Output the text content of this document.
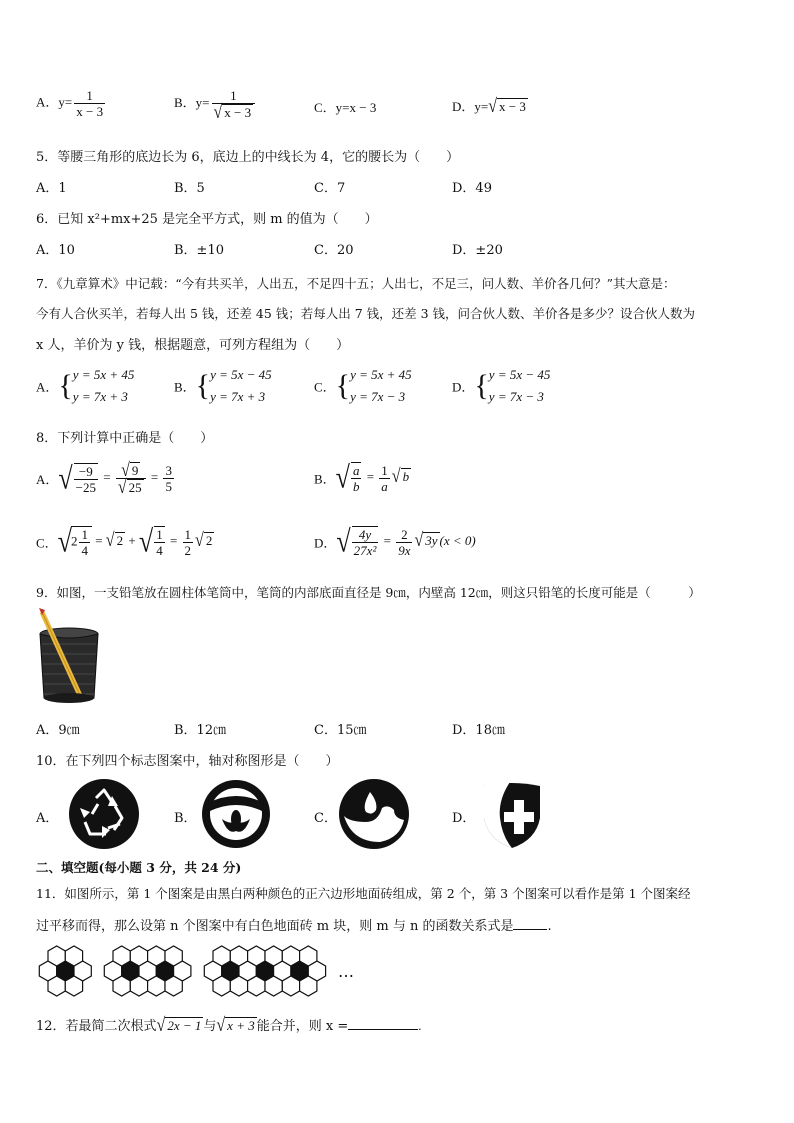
A．$y= \frac{1}{x - 3}$	B．$y= \frac{1}{√ x - 3}$	C．y=x − 3	D．y=√ x − 3
5．等腰三角形的底边长为 6，底边上的中线长为 4，它的腰长为（　　）
A．1	B．5	C．7	D．49
6．已知 x²+mx+25 是完全平方式，则 m 的值为（　　）
A．10	B．±10	C．20	D．±20
7．《九章算术》中记载：“今有共买羊，人出五，不足四十五；人出七，不足三，问人数、羊价各几何？”其大意是：
今有人合伙买羊，若每人出 5 钱，还差 45 钱；若每人出 7 钱，还差 3 钱，问合伙人数、羊价各是多少？设合伙人数为
x 人，羊价为 y 钱，根据题意，可列方程组为（　　）
A．{ y = 5x + 45
y = 7x + 3
B．{ y = 5x − 45
y = 7x + 3
C．{ y = 5x + 45
y = 7x − 3
D．{ y = 5x − 45
y = 7x − 3
8．下列计算中正确是（　　）
A．√ $\frac{-9}{-25} = \frac{√ 9}{√ 25} = \frac{3}{5}$	B．√ $\frac{a}{b} = \frac{1}{a}$ √ b
C．$√2 \frac{1}{4}$ = √ 2 + √ $\frac{1}{4} = \frac{1}{2}$ √ 2	D．√ $\frac{4y}{\text{27x²}} = \frac{2}{9x}$ √ 3y (x < 0)
9．如图，一支铅笔放在圆柱体笔筒中，笔筒的内部底面直径是 9㎝，内壁高 12㎝，则这只铅笔的长度可能是（　　　）
A．9㎝	B．12㎝	C．15㎝	D．18㎝
10．在下列四个标志图案中，轴对称图形是（　　）
A．	B．	C．	D．
二、填空题(每小题 3 分，共 24 分)
11．如图所示，第 1 个图案是由黑白两种颜色的正六边形地面砖组成，第 2 个，第 3 个图案可以看作是第 1 个图案经
过平移而得，那么设第 n 个图案中有白色地面砖 m 块，则 m 与 n 的函数关系式是	.
…
12．若最简二次根式√ 2x − 1 与√ x + 3 能合并，则 x =	.
